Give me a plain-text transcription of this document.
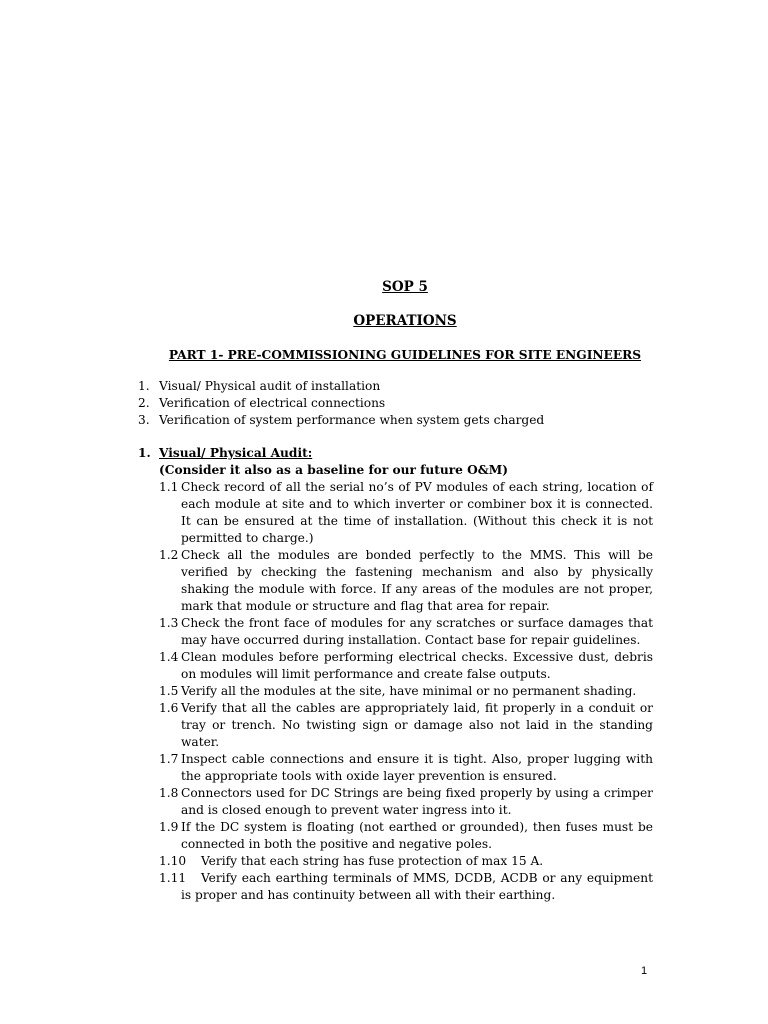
SOP 5
OPERATIONS
PART 1- PRE-COMMISSIONING GUIDELINES FOR SITE ENGINEERS
1. Visual/ Physical audit of installation
2. Verification of electrical connections
3. Verification of system performance when system gets charged
1. Visual/ Physical Audit:
(Consider it also as a baseline for our future O&M)
1.1 Check record of all the serial no’s of PV modules of each string, location of each module at site and to which inverter or combiner box it is connected. It can be ensured at the time of installation. (Without this check it is not permitted to charge.)
1.2 Check all the modules are bonded perfectly to the MMS. This will be verified by checking the fastening mechanism and also by physically shaking the module with force. If any areas of the modules are not proper, mark that module or structure and flag that area for repair.
1.3 Check the front face of modules for any scratches or surface damages that may have occurred during installation. Contact base for repair guidelines.
1.4 Clean modules before performing electrical checks. Excessive dust, debris on modules will limit performance and create false outputs.
1.5 Verify all the modules at the site, have minimal or no permanent shading.
1.6 Verify that all the cables are appropriately laid, fit properly in a conduit or tray or trench. No twisting sign or damage also not laid in the standing water.
1.7 Inspect cable connections and ensure it is tight. Also, proper lugging with the appropriate tools with oxide layer prevention is ensured.
1.8 Connectors used for DC Strings are being fixed properly by using a crimper and is closed enough to prevent water ingress into it.
1.9 If the DC system is floating (not earthed or grounded), then fuses must be connected in both the positive and negative poles.
1.10	Verify that each string has fuse protection of max 15 A.
1.11	Verify each earthing terminals of MMS, DCDB, ACDB or any equipment is proper and has continuity between all with their earthing.
1
